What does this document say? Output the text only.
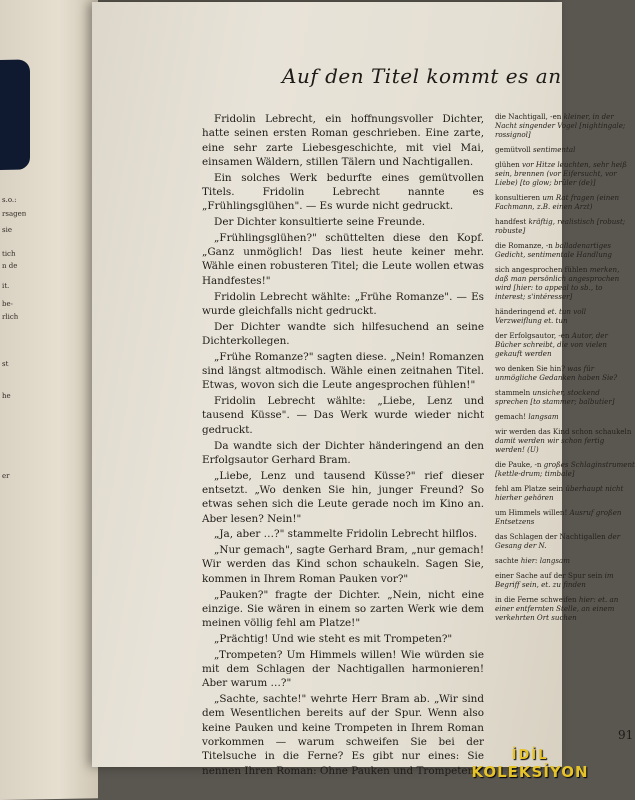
s.o.:
rsagen
sie
tich
n de
it.
be-
rlich
st
he
er
Auf den Titel kommt es an

Fridolin Lebrecht, ein hoffnungsvoller Dichter, hatte seinen ersten Roman geschrieben. Eine zarte, eine sehr zarte Liebesgeschichte, mit viel Mai, einsamen Wäldern, stillen Tälern und Nachtigallen.

Ein solches Werk bedurfte eines gemütvollen Titels. Fridolin Lebrecht nannte es „Frühlingsglühen". — Es wurde nicht gedruckt.

Der Dichter konsultierte seine Freunde.

„Frühlingsglühen?" schüttelten diese den Kopf. „Ganz unmöglich! Das liest heute keiner mehr. Wähle einen robusteren Titel; die Leute wollen etwas Handfestes!"

Fridolin Lebrecht wählte: „Frühe Romanze". — Es wurde gleichfalls nicht gedruckt.

Der Dichter wandte sich hilfesuchend an seine Dichterkollegen.

„Frühe Romanze?" sagten diese. „Nein! Romanzen sind längst altmodisch. Wähle einen zeitnahen Titel. Etwas, wovon sich die Leute angesprochen fühlen!"

Fridolin Lebrecht wählte: „Liebe, Lenz und tausend Küsse". — Das Werk wurde wieder nicht gedruckt.

Da wandte sich der Dichter händeringend an den Erfolgsautor Gerhard Bram.

„Liebe, Lenz und tausend Küsse?" rief dieser entsetzt. „Wo denken Sie hin, junger Freund? So etwas sehen sich die Leute gerade noch im Kino an. Aber lesen? Nein!"

„Ja, aber …?" stammelte Fridolin Lebrecht hilflos.

„Nur gemach", sagte Gerhard Bram, „nur gemach! Wir werden das Kind schon schaukeln. Sagen Sie, kommen in Ihrem Roman Pauken vor?"

„Pauken?" fragte der Dichter. „Nein, nicht eine einzige. Sie wären in einem so zarten Werk wie dem meinen völlig fehl am Platze!"

„Prächtig! Und wie steht es mit Trompeten?"

„Trompeten? Um Himmels willen! Wie würden sie mit dem Schlagen der Nachtigallen harmonieren! Aber warum …?"

„Sachte, sachte!" wehrte Herr Bram ab. „Wir sind dem Wesentlichen bereits auf der Spur. Wenn also keine Pauken und keine Trompeten in Ihrem Roman vorkommen — warum schweifen Sie bei der Titelsuche in die Ferne? Es gibt nur eines: Sie nennen Ihren Roman: Ohne Pauken und Trompeten!"

die Nachtigall, -en kleiner, in der Nacht singender Vogel [nightingale; rossignol]
gemütvoll sentimental
glühen vor Hitze leuchten, sehr heiß sein, brennen (vor Eifersucht, vor Liebe) [to glow; brûler (de)]
konsultieren um Rat fragen (einen Fachmann, z.B. einen Arzt)
handfest kräftig, realistisch [robust; robuste]
die Romanze, -n balladenartiges Gedicht, sentimentale Handlung
sich angesprochen fühlen merken, daß man persönlich angesprochen wird [hier: to appeal to sb., to interest; s'intéresser]
händeringend et. tun voll Verzweiflung et. tun
der Erfolgsautor, -en Autor, der Bücher schreibt, die von vielen gekauft werden
wo denken Sie hin? was für unmögliche Gedanken haben Sie?
stammeln unsicher, stockend sprechen [to stammer; balbutier]
gemach! langsam
wir werden das Kind schon schaukeln damit werden wir schon fertig werden! (U)
die Pauke, -n großes Schlaginstrument [kettle-drum; timbale]
fehl am Platze sein überhaupt nicht hierher gehören
um Himmels willen! Ausruf großen Entsetzens
das Schlagen der Nachtigallen der Gesang der N.
sachte hier: langsam
einer Sache auf der Spur sein im Begriff sein, et. zu finden
in die Ferne schweifen hier: et. an einer entfernten Stelle, an einem verkehrten Ort suchen
91
İDİL
KOLEKSİYON
